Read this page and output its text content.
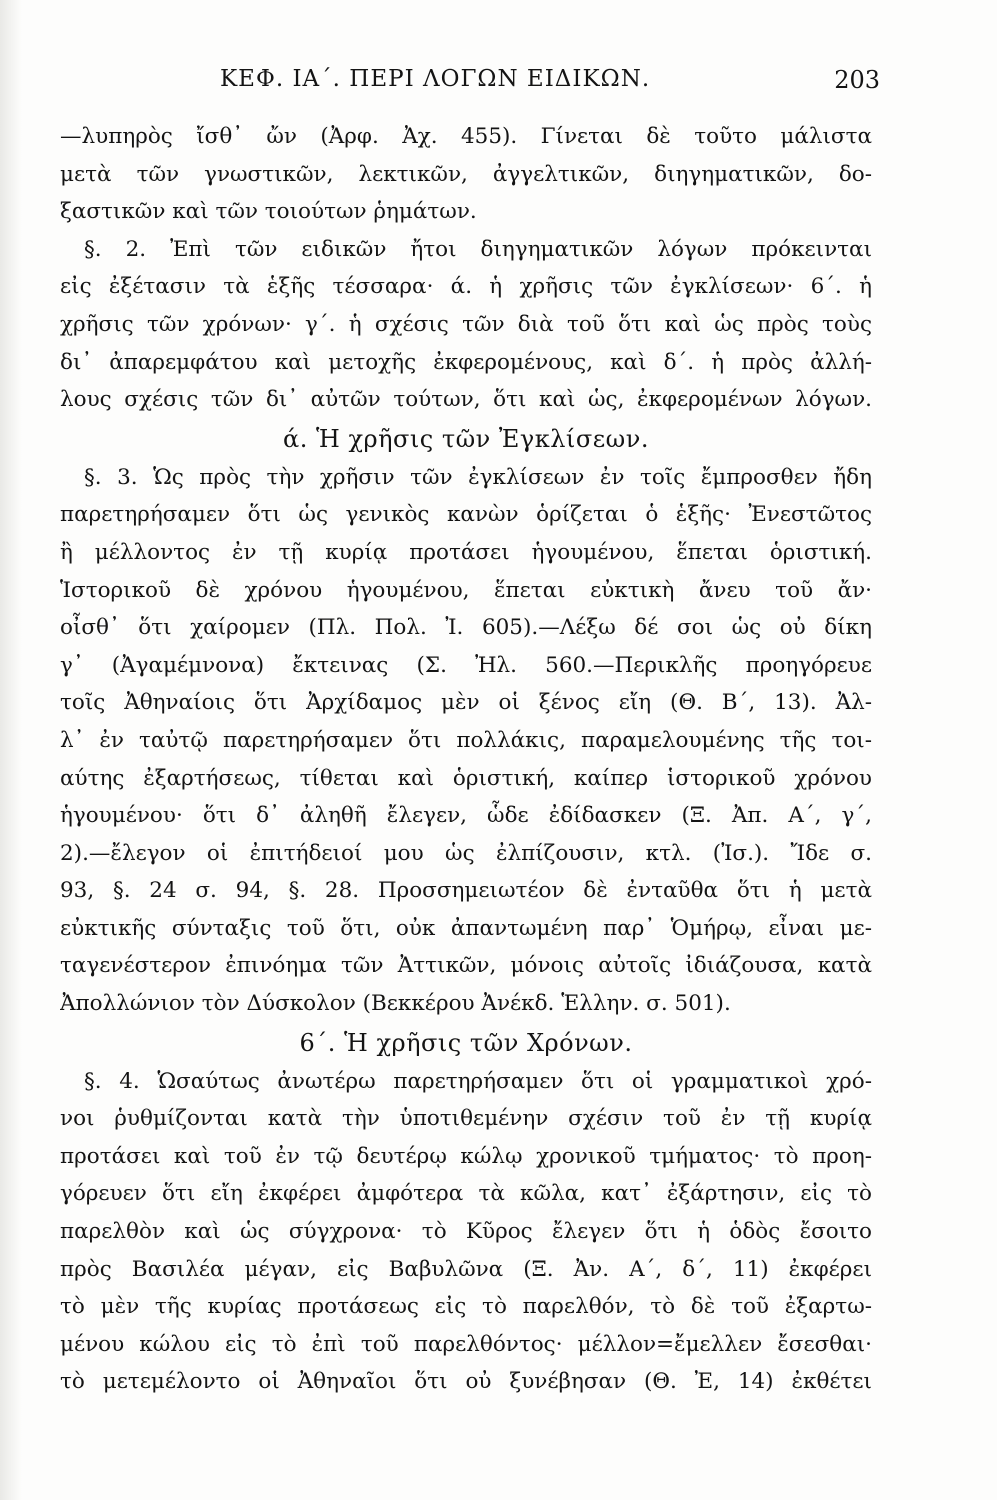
ΚΕΦ. ΙΑ΄. ΠΕΡΙ ΛΟΓΩΝ ΕΙΔΙΚΩΝ.	203
—λυπηρὸς ἴσθ᾽ ὤν (Ἀρφ. Ἀχ. 455). Γίνεται δὲ τοῦτο μάλιστα
μετὰ τῶν γνωστικῶν, λεκτικῶν, ἀγγελτικῶν, διηγηματικῶν, δο-
ξαστικῶν καὶ τῶν τοιούτων ῥημάτων.
§. 2. Ἐπὶ τῶν ειδικῶν ἤτοι διηγηματικῶν λόγων πρόκεινται
εἰς ἐξέτασιν τὰ ἑξῆς τέσσαρα· ά. ἡ χρῆσις τῶν ἐγκλίσεων· 6΄. ἡ
χρῆσις τῶν χρόνων· γ΄. ἡ σχέσις τῶν διὰ τοῦ ὅτι καὶ ὡς πρὸς τοὺς
δι᾽ ἀπαρεμφάτου καὶ μετοχῆς ἐκφερομένους, καὶ δ΄. ἡ πρὸς ἀλλή-
λους σχέσις τῶν δι᾽ αὐτῶν τούτων, ὅτι καὶ ὡς, ἐκφερομένων λόγων.
ά. Ἡ χρῆσις τῶν Ἐγκλίσεων.
§. 3. Ὡς πρὸς τὴν χρῆσιν τῶν ἐγκλίσεων ἐν τοῖς ἔμπροσθεν ἤδη
παρετηρήσαμεν ὅτι ὡς γενικὸς κανὼν ὁρίζεται ὁ ἑξῆς· Ἐνεστῶτος
ἢ μέλλοντος ἐν τῇ κυρίᾳ προτάσει ἡγουμένου, ἕπεται ὁριστική.
Ἱστορικοῦ δὲ χρόνου ἡγουμένου, ἕπεται εὐκτικὴ ἄνευ τοῦ ἄν·
οἶσθ᾽ ὅτι χαίρομεν (Πλ. Πολ. Ἰ. 605).—Λέξω δέ σοι ὡς οὐ δίκη
γ᾽ (Ἀγαμέμνονα) ἔκτεινας (Σ. Ἠλ. 560.—Περικλῆς προηγόρευε
τοῖς Ἀθηναίοις ὅτι Ἀρχίδαμος μὲν οἱ ξένος εἴη (Θ. Β΄, 13). Ἀλ-
λ᾽ ἐν ταὐτῷ παρετηρήσαμεν ὅτι πολλάκις, παραμελουμένης τῆς τοι-
αύτης ἐξαρτήσεως, τίθεται καὶ ὁριστική, καίπερ ἱστορικοῦ χρόνου
ἡγουμένου· ὅτι δ᾽ ἀληθῆ ἔλεγεν, ὧδε ἐδίδασκεν (Ξ. Ἀπ. Α΄, γ΄,
2).—ἔλεγον οἱ ἐπιτήδειοί μου ὡς ἐλπίζουσιν, κτλ. (Ἰσ.). Ἴδε σ.
93, §. 24 σ. 94, §. 28. Προσσημειωτέον δὲ ἐνταῦθα ὅτι ἡ μετὰ
εὐκτικῆς σύνταξις τοῦ ὅτι, οὐκ ἀπαντωμένη παρ᾽ Ὁμήρῳ, εἶναι με-
ταγενέστερον ἐπινόημα τῶν Ἀττικῶν, μόνοις αὐτοῖς ἰδιάζουσα, κατὰ
Ἀπολλώνιον τὸν Δύσκολον (Βεκκέρου Ἀνέκδ. Ἑλλην. σ. 501).
6΄. Ἡ χρῆσις τῶν Χρόνων.
§. 4. Ὡσαύτως ἀνωτέρω παρετηρήσαμεν ὅτι οἱ γραμματικοὶ χρό-
νοι ῥυθμίζονται κατὰ τὴν ὑποτιθεμένην σχέσιν τοῦ ἐν τῇ κυρίᾳ
προτάσει καὶ τοῦ ἐν τῷ δευτέρῳ κώλῳ χρονικοῦ τμήματος· τὸ προη-
γόρευεν ὅτι εἴη ἐκφέρει ἀμφότερα τὰ κῶλα, κατ᾽ ἐξάρτησιν, εἰς τὸ
παρελθὸν καὶ ὡς σύγχρονα· τὸ Κῦρος ἔλεγεν ὅτι ἡ ὁδὸς ἔσοιτο
πρὸς Βασιλέα μέγαν, εἰς Βαβυλῶνα (Ξ. Ἀν. Α΄, δ΄, 11) ἐκφέρει
τὸ μὲν τῆς κυρίας προτάσεως εἰς τὸ παρελθόν, τὸ δὲ τοῦ ἐξαρτω-
μένου κώλου εἰς τὸ ἐπὶ τοῦ παρελθόντος· μέλλον=ἔμελλεν ἔσεσθαι·
τὸ μετεμέλοντο οἱ Ἀθηναῖοι ὅτι οὐ ξυνέβησαν (Θ. Ἐ, 14) ἐκθέτει
